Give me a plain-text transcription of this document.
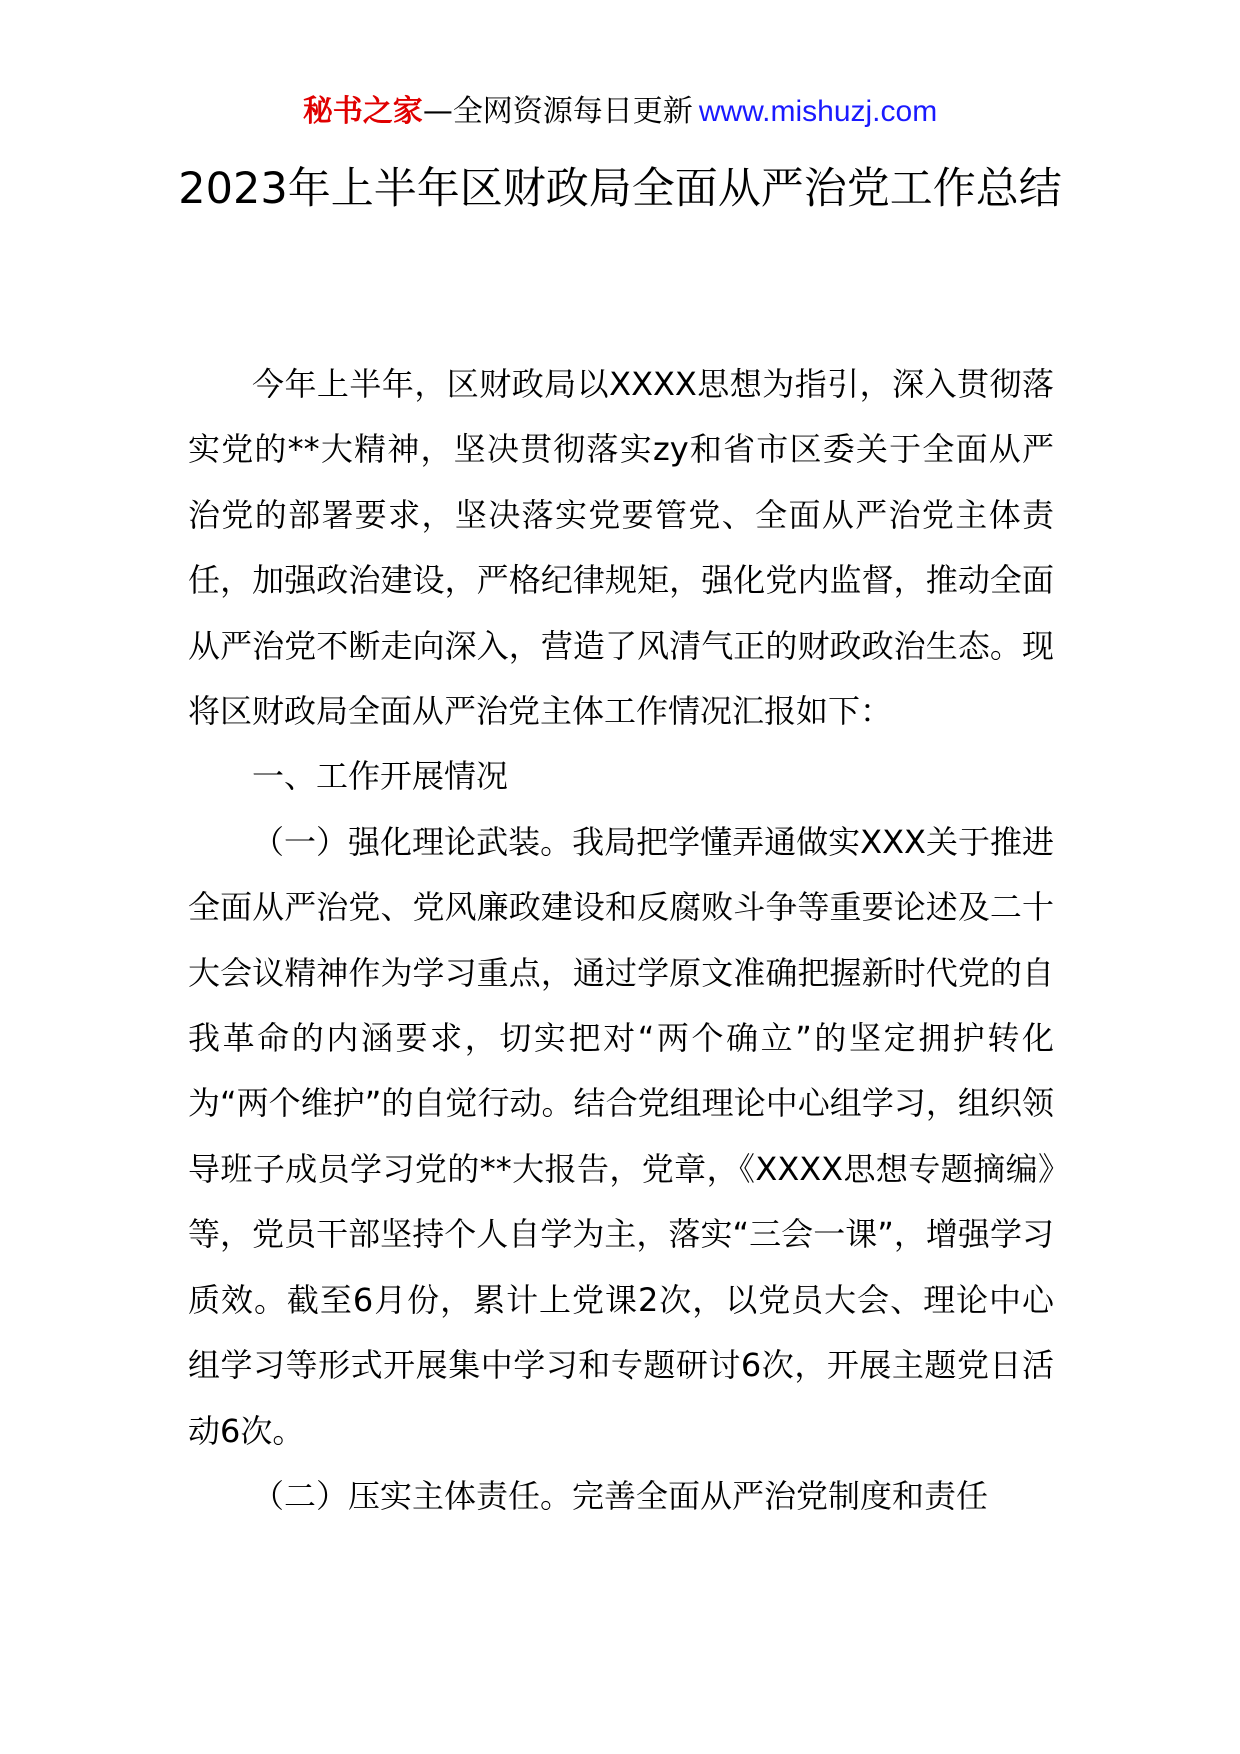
秘书之家—全网资源每日更新 www.mishuzj.com
2023年上半年区财政局全面从严治党工作总结

今年上半年，区财政局以XXXX思想为指引，深入贯彻落实党的**大精神，坚决贯彻落实zy和省市区委关于全面从严治党的部署要求，坚决落实党要管党、全面从严治党主体责任，加强政治建设，严格纪律规矩，强化党内监督，推动全面从严治党不断走向深入，营造了风清气正的财政政治生态。现将区财政局全面从严治党主体工作情况汇报如下：

一、工作开展情况

（一）强化理论武装。我局把学懂弄通做实XXX关于推进全面从严治党、党风廉政建设和反腐败斗争等重要论述及二十大会议精神作为学习重点，通过学原文准确把握新时代党的自我革命的内涵要求，切实把对“两个确立”的坚定拥护转化为“两个维护”的自觉行动。结合党组理论中心组学习，组织领导班子成员学习党的**大报告，党章，《XXXX思想专题摘编》等，党员干部坚持个人自学为主，落实“三会一课”，增强学习质效。截至6月份，累计上党课2次，以党员大会、理论中心组学习等形式开展集中学习和专题研讨6次，开展主题党日活动6次。

（二）压实主体责任。完善全面从严治党制度和责任
